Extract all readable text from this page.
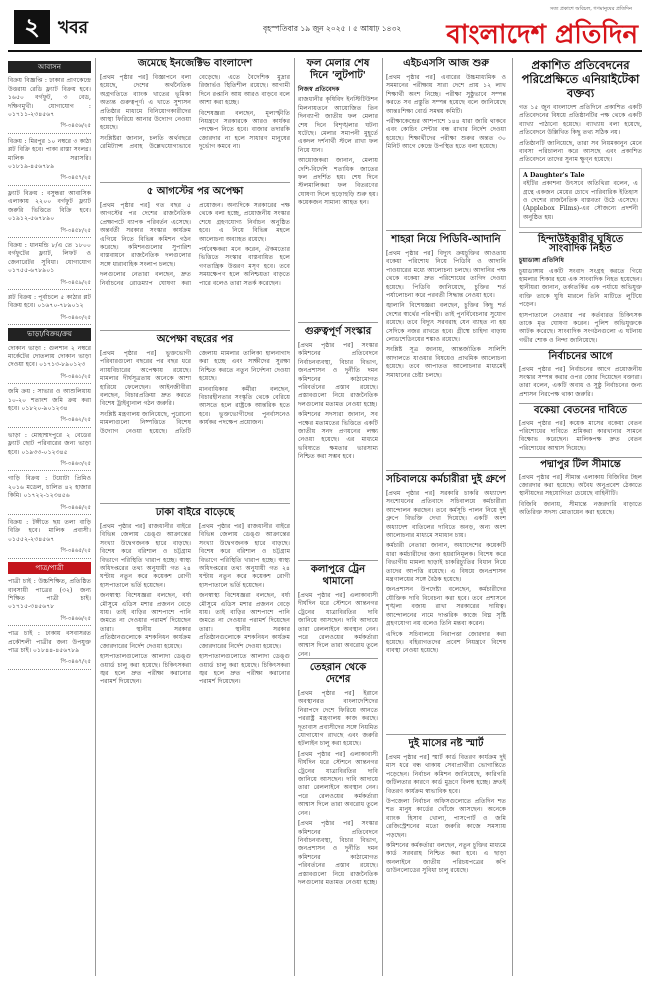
২	খবর	বৃহস্পতিবার ১৯ জুন ২০২৫ । ৫ আষাঢ় ১৪৩২
সত্য প্রকাশে অবিচল, গণমানুষের প্রতিদিন
বাংলাদেশ প্রতিদিন
আবাসন

বিক্রয় বিজ্ঞপ্তি : ঢাকার প্রাণকেন্দ্রে উত্তরায় রেডি ফ্ল্যাট বিক্রয় হবে। ১৬৫০ বর্গফুট, ৩ বেড, দক্ষিণমুখী। যোগাযোগ : ০১৭১১-২৩৪৫৬৭

পি-৩৪৫৬/২৫

বিক্রয় : মিরপুর ১০ নম্বরে ৩ কাঠা প্লট বিক্রি হবে। পাকা রাস্তা সংলগ্ন। মালিক সরাসরি। ০১৮১৯-৪৫৬৭৮৯

পি-৩৪৫৭/২৫

ফ্ল্যাট বিক্রয় : বসুন্ধরা আবাসিক এলাকায় ২২০০ বর্গফুট ফ্ল্যাট জরুরি ভিত্তিতে বিক্রি হবে। ০১৯১২-৫৬৭৮৯০

পি-৩৪৫৮/২৫

বিক্রয় : ধানমন্ডি ৮/এ তে ১৮০০ বর্গফুটের ফ্ল্যাট, লিফট ও জেনারেটর সুবিধা। যোগাযোগ ০১৭৫৫-৬৭৮৯০১

পি-৩৪৫৯/২৫

প্লট বিক্রয় : পূর্বাচলে ৫ কাঠার প্লট বিক্রয় হবে। ০১৬৭০-৭৮৯০১২

পি-৩৪৬০/২৫
ভাড়া/বিক্রয়/ক্রয়

দোকান ভাড়া : গুলশান ২ নম্বরে মার্কেটের দোতলায় দোকান ভাড়া দেওয়া হবে। ০১৭১৩-৮৯০১২৩

পি-৩৪৬১/২৫

জমি ক্রয় : সাভার ও আশুলিয়ায় ১০-২০ শতাংশ জমি ক্রয় করা হবে। ০১৮২০-৯০১২৩৪

পি-৩৪৬২/২৫

ভাড়া : মোহাম্মদপুরে ২ বেডের ফ্ল্যাট ছোট পরিবারের জন্য ভাড়া হবে। ০১৯৩৩-০১২৩৪৫

পি-৩৪৬৩/২৫

গাড়ি বিক্রয় : টয়োটা প্রিমিও ২০১৬ মডেল, চালিত ৪২ হাজার কিমি। ০১৭২২-১২৩৪৫৬

পি-৩৪৬৪/২৫

বিক্রয় : টঙ্গীতে ছয় তলা বাড়ি বিক্রি হবে। মালিক প্রবাসী। ০১৫৫২-২৩৪৫৬৭

পি-৩৪৬৫/২৫
পাত্র/পাত্রী

পাত্রী চাই : উচ্চশিক্ষিত, প্রতিষ্ঠিত ব্যবসায়ী পাত্রের (৩২) জন্য শিক্ষিত পাত্রী চাই। ০১৭১৫-৩৪৫৬৭৮

পি-৩৪৬৬/২৫

পাত্র চাই : ঢাকায় বসবাসরত প্রকৌশলী পাত্রীর জন্য উপযুক্ত পাত্র চাই। ০১৮৪৪-৪৫৬৭৮৯

পি-৩৪৬৭/২৫
জমেছে ইনজেক্টিভ বাংলাদেশ

[প্রথম পৃষ্ঠার পর] বিজ্ঞাপনে বলা হয়েছে, দেশের অর্থনৈতিক অগ্রগতিতে ব্যাংক খাতের ভূমিকা অত্যন্ত গুরুত্বপূর্ণ। এ খাতে সুশাসন প্রতিষ্ঠার মাধ্যমে বিনিয়োগকারীদের আস্থা ফিরিয়ে আনার উদ্যোগ নেওয়া হয়েছে।

সংশ্লিষ্টরা জানান, চলতি অর্থবছরে রেমিট্যান্স প্রবাহ উল্লেখযোগ্যভাবে বেড়েছে। এতে বৈদেশিক মুদ্রার রিজার্ভও স্থিতিশীল রয়েছে। আগামী দিনে রপ্তানি আয় আরও বাড়বে বলে আশা করা হচ্ছে।

বিশেষজ্ঞরা বলছেন, মূল্যস্ফীতি নিয়ন্ত্রণে সরকারকে আরও কার্যকর পদক্ষেপ নিতে হবে। বাজার তদারকি জোরদার না হলে সাধারণ মানুষের দুর্ভোগ কমবে না।

৫ আগস্টের পর অপেক্ষা

[প্রথম পৃষ্ঠার পর] গত বছর ৫ আগস্টের পর দেশের রাজনৈতিক প্রেক্ষাপটে ব্যাপক পরিবর্তন এসেছে। অন্তর্বর্তী সরকার সংস্কার কার্যক্রম এগিয়ে নিতে বিভিন্ন কমিশন গঠন করেছে। কমিশনগুলোর সুপারিশ বাস্তবায়নে রাজনৈতিক দলগুলোর সঙ্গে ধারাবাহিক সংলাপ চলছে।

দলগুলোর নেতারা বলছেন, দ্রুত নির্বাচনের রোডম্যাপ ঘোষণা করা প্রয়োজন। অন্যদিকে সরকারের পক্ষ থেকে বলা হচ্ছে, প্রয়োজনীয় সংস্কার শেষে গ্রহণযোগ্য নির্বাচন অনুষ্ঠিত হবে। এ নিয়ে বিভিন্ন মহলে আলোচনা অব্যাহত রয়েছে।

পর্যবেক্ষকরা মনে করেন, ঐকমত্যের ভিত্তিতে সংস্কার বাস্তবায়িত হলে গণতান্ত্রিক উত্তরণ মসৃণ হবে। তবে সময়ক্ষেপণ হলে অনিশ্চয়তা বাড়তে পারে বলেও তারা সতর্ক করেছেন।

অপেক্ষা বছরের পর

[প্রথম পৃষ্ঠার পর] ভুক্তভোগী পরিবারগুলো বছরের পর বছর ধরে ন্যায়বিচারের অপেক্ষায় রয়েছে। মামলার দীর্ঘসূত্রতায় অনেকে আশা হারিয়ে ফেলেছেন। আইনজীবীরা বলছেন, বিচারপ্রক্রিয়া দ্রুত করতে বিশেষ ট্রাইব্যুনাল গঠন জরুরি।

সংশ্লিষ্ট মন্ত্রণালয় জানিয়েছে, পুরোনো মামলাগুলো নিষ্পত্তিতে বিশেষ উদ্যোগ নেওয়া হয়েছে। প্রতিটি জেলায় মামলার তালিকা হালনাগাদ করা হচ্ছে এবং সাক্ষীদের সুরক্ষা নিশ্চিত করতে নতুন নির্দেশনা দেওয়া হয়েছে।

মানবাধিকার কর্মীরা বলছেন, বিচারহীনতার সংস্কৃতি থেকে বেরিয়ে আসতে হলে রাষ্ট্রকে আন্তরিক হতে হবে। ভুক্তভোগীদের পুনর্বাসনেও কার্যকর পদক্ষেপ প্রয়োজন।

ঢাকা বাইরে বাড়েছে

[প্রথম পৃষ্ঠার পর] রাজধানীর বাইরে বিভিন্ন জেলায় ডেঙ্গু আক্রান্তের সংখ্যা উদ্বেগজনক হারে বাড়ছে। বিশেষ করে বরিশাল ও চট্টগ্রাম বিভাগে পরিস্থিতি খারাপ হচ্ছে। স্বাস্থ্য অধিদপ্তরের তথ্য অনুযায়ী গত ২৪ ঘণ্টায় নতুন করে কয়েকশ রোগী হাসপাতালে ভর্তি হয়েছেন।

জনস্বাস্থ্য বিশেষজ্ঞরা বলছেন, বর্ষা মৌসুমে এডিস মশার প্রজনন বেড়ে যায়। তাই বাড়ির আশপাশে পানি জমতে না দেওয়ার পরামর্শ দিয়েছেন তারা। স্থানীয় সরকার প্রতিষ্ঠানগুলোকে মশকনিধন কার্যক্রম জোরদারের নির্দেশ দেওয়া হয়েছে।

হাসপাতালগুলোতে আলাদা ডেঙ্গু ওয়ার্ড চালু করা হয়েছে। চিকিৎসকরা জ্বর হলে দ্রুত পরীক্ষা করানোর পরামর্শ দিয়েছেন।

[প্রথম পৃষ্ঠার পর] রাজধানীর বাইরে বিভিন্ন জেলায় ডেঙ্গু আক্রান্তের সংখ্যা উদ্বেগজনক হারে বাড়ছে। বিশেষ করে বরিশাল ও চট্টগ্রাম বিভাগে পরিস্থিতি খারাপ হচ্ছে। স্বাস্থ্য অধিদপ্তরের তথ্য অনুযায়ী গত ২৪ ঘণ্টায় নতুন করে কয়েকশ রোগী হাসপাতালে ভর্তি হয়েছেন।

জনস্বাস্থ্য বিশেষজ্ঞরা বলছেন, বর্ষা মৌসুমে এডিস মশার প্রজনন বেড়ে যায়। তাই বাড়ির আশপাশে পানি জমতে না দেওয়ার পরামর্শ দিয়েছেন তারা। স্থানীয় সরকার প্রতিষ্ঠানগুলোকে মশকনিধন কার্যক্রম জোরদারের নির্দেশ দেওয়া হয়েছে।

হাসপাতালগুলোতে আলাদা ডেঙ্গু ওয়ার্ড চালু করা হয়েছে। চিকিৎসকরা জ্বর হলে দ্রুত পরীক্ষা করানোর পরামর্শ দিয়েছেন।

ফল মেলার শেষ দিনে 'লুটপাট'
নিজস্ব প্রতিবেদক

রাজধানীর কৃষিবিদ ইনস্টিটিউশন মিলনায়তনে আয়োজিত তিন দিনব্যাপী জাতীয় ফল মেলার শেষ দিনে বিশৃঙ্খলার ঘটনা ঘটেছে। মেলার সমাপনী মুহূর্তে একদল দর্শনার্থী স্টলে রাখা ফল নিয়ে যান।

আয়োজকরা জানান, মেলায় দেশি-বিদেশি শতাধিক জাতের ফল প্রদর্শিত হয়। শেষ দিনে স্টলমালিকরা ফল বিতরণের ঘোষণা দিলে হুড়োহুড়ি শুরু হয়। কয়েকজন সামান্য আহত হন।

গুরুত্বপূর্ণ সংস্কার

[প্রথম পৃষ্ঠার পর] সংস্কার কমিশনের প্রতিবেদনে নির্বাচনব্যবস্থা, বিচার বিভাগ, জনপ্রশাসন ও দুর্নীতি দমন কমিশনের কাঠামোগত পরিবর্তনের প্রস্তাব রয়েছে। প্রস্তাবগুলো নিয়ে রাজনৈতিক দলগুলোর মতামত নেওয়া হচ্ছে।

কমিশনের সদস্যরা জানান, সব পক্ষের মতামতের ভিত্তিতে একটি জাতীয় সনদ প্রণয়নের লক্ষ্য নেওয়া হয়েছে। এর মাধ্যমে ভবিষ্যতে ক্ষমতার ভারসাম্য নিশ্চিত করা সম্ভব হবে।

কলাপুরে ট্রেন থামানো

[প্রথম পৃষ্ঠার পর] এলাকাবাসী দীর্ঘদিন ধরে স্টেশনে আন্তনগর ট্রেনের যাত্রাবিরতির দাবি জানিয়ে আসছেন। দাবি আদায়ে তারা রেললাইনে অবস্থান নেন। পরে রেলওয়ের কর্মকর্তারা আশ্বাস দিলে তারা অবরোধ তুলে নেন।

তেহরান থেকে দেশের

[প্রথম পৃষ্ঠার পর] ইরানে অবস্থানরত বাংলাদেশিদের নিরাপদে দেশে ফিরিয়ে আনতে পররাষ্ট্র মন্ত্রণালয় কাজ করছে। দূতাবাস প্রবাসীদের সঙ্গে নিয়মিত যোগাযোগ রাখছে এবং জরুরি হটলাইন চালু করা হয়েছে।

[প্রথম পৃষ্ঠার পর] এলাকাবাসী দীর্ঘদিন ধরে স্টেশনে আন্তনগর ট্রেনের যাত্রাবিরতির দাবি জানিয়ে আসছেন। দাবি আদায়ে তারা রেললাইনে অবস্থান নেন। পরে রেলওয়ের কর্মকর্তারা আশ্বাস দিলে তারা অবরোধ তুলে নেন।

[প্রথম পৃষ্ঠার পর] সংস্কার কমিশনের প্রতিবেদনে নির্বাচনব্যবস্থা, বিচার বিভাগ, জনপ্রশাসন ও দুর্নীতি দমন কমিশনের কাঠামোগত পরিবর্তনের প্রস্তাব রয়েছে। প্রস্তাবগুলো নিয়ে রাজনৈতিক দলগুলোর মতামত নেওয়া হচ্ছে।

এইচএসসি আজ শুরু

[প্রথম পৃষ্ঠার পর] এবারের উচ্চমাধ্যমিক ও সমমানের পরীক্ষায় সারা দেশে প্রায় ১২ লাখ শিক্ষার্থী অংশ নিচ্ছে। পরীক্ষা সুষ্ঠুভাবে সম্পন্ন করতে সব প্রস্তুতি সম্পন্ন হয়েছে বলে জানিয়েছে আন্তঃশিক্ষা বোর্ড সমন্বয় কমিটি।

পরীক্ষাকেন্দ্রের আশপাশে ১৪৪ ধারা জারি থাকবে এবং কোচিং সেন্টার বন্ধ রাখার নির্দেশ দেওয়া হয়েছে। শিক্ষার্থীদের পরীক্ষা শুরুর অন্তত ৩০ মিনিট আগে কেন্দ্রে উপস্থিত হতে বলা হয়েছে।

শাহরা নিয়ে পিডিবি-আদানি

[প্রথম পৃষ্ঠার পর] বিদ্যুৎ ক্রয়চুক্তির আওতায় বকেয়া পরিশোধ নিয়ে পিডিবি ও আদানি পাওয়ারের মধ্যে আলোচনা চলছে। আদানির পক্ষ থেকে বকেয়া দ্রুত পরিশোধের তাগিদ দেওয়া হয়েছে। পিডিবি জানিয়েছে, চুক্তির শর্ত পর্যালোচনা করে পরবর্তী সিদ্ধান্ত নেওয়া হবে।

জ্বালানি বিশেষজ্ঞরা বলছেন, চুক্তির কিছু শর্ত দেশের স্বার্থের পরিপন্থী। তাই পুনর্বিবেচনার সুযোগ রয়েছে। তবে বিদ্যুৎ সরবরাহ যেন ব্যাহত না হয় সেদিকে নজর রাখতে হবে। গ্রীষ্মে চাহিদা বাড়ায় লোডশেডিংয়ের শঙ্কাও রয়েছে।

সংশ্লিষ্ট সূত্র জানায়, আন্তর্জাতিক সালিশি আদালতে যাওয়ার বিষয়েও প্রাথমিক আলোচনা হয়েছে। তবে আপাতত আলোচনার মাধ্যমেই সমাধানের চেষ্টা চলছে।

সচিবালয়ে কর্মচারীরা দুই গ্রুপে

[প্রথম পৃষ্ঠার পর] সরকারি চাকরি অধ্যাদেশ সংশোধনের প্রতিবাদে সচিবালয়ে কর্মচারীরা আন্দোলন করছেন। তবে কর্মসূচি পালন নিয়ে দুই গ্রুপে বিভক্তি দেখা দিয়েছে। একটি অংশ অধ্যাদেশ বাতিলের দাবিতে অনড়, অন্য অংশ আলোচনার মাধ্যমে সমাধান চায়।

কর্মচারী নেতারা জানান, অধ্যাদেশের কয়েকটি ধারা কর্মচারীদের জন্য হয়রানিমূলক। বিশেষ করে বিভাগীয় মামলা ছাড়াই চাকরিচ্যুতির বিধান নিয়ে তাদের আপত্তি রয়েছে। এ বিষয়ে জনপ্রশাসন মন্ত্রণালয়ের সঙ্গে বৈঠক হয়েছে।

জনপ্রশাসন উপদেষ্টা বলেছেন, কর্মচারীদের যৌক্তিক দাবি বিবেচনা করা হবে। তবে প্রশাসনে শৃঙ্খলা বজায় রাখা সরকারের দায়িত্ব। আন্দোলনের নামে দাপ্তরিক কাজে বিঘ্ন সৃষ্টি গ্রহণযোগ্য নয় বলেও তিনি মন্তব্য করেন।

এদিকে সচিবালয়ে নিরাপত্তা জোরদার করা হয়েছে। বহিরাগতদের প্রবেশ নিয়ন্ত্রণে বিশেষ ব্যবস্থা নেওয়া হয়েছে।

দুই মাসের নষ্ট স্মার্ট

[প্রথম পৃষ্ঠার পর] স্মার্ট কার্ড বিতরণ কার্যক্রম দুই মাস ধরে বন্ধ থাকায় সেবাপ্রার্থীরা ভোগান্তিতে পড়েছেন। নির্বাচন কমিশন জানিয়েছে, কারিগরি জটিলতার কারণে কার্ড মুদ্রণে বিলম্ব হচ্ছে। দ্রুতই বিতরণ কার্যক্রম স্বাভাবিক হবে।

উপজেলা নির্বাচন অফিসগুলোতে প্রতিদিন শত শত মানুষ কার্ডের খোঁজে আসছেন। অনেকে ব্যাংক হিসাব খোলা, পাসপোর্ট ও জমি রেজিস্ট্রেশনের মতো জরুরি কাজে সমস্যায় পড়ছেন।

কমিশনের কর্মকর্তারা বলছেন, নতুন চুক্তির মাধ্যমে কার্ড সরবরাহ নিশ্চিত করা হবে। এ ছাড়া অনলাইনে জাতীয় পরিচয়পত্রের কপি ডাউনলোডের সুবিধা চালু রয়েছে।

প্রকাশিত প্রতিবেদনের পরিপ্রেক্ষিতে এনিয়াইটেকা বক্তব্য

গত ১৫ জুন বাংলাদেশ প্রতিদিনে প্রকাশিত একটি প্রতিবেদনের বিষয়ে প্রতিষ্ঠানটির পক্ষ থেকে একটি ব্যাখ্যা পাঠানো হয়েছে। ব্যাখ্যায় বলা হয়েছে, প্রতিবেদনে উল্লিখিত কিছু তথ্য সঠিক নয়।

প্রতিষ্ঠানটি জানিয়েছে, তারা সব নিয়মকানুন মেনে ব্যবসা পরিচালনা করে আসছে এবং প্রকাশিত প্রতিবেদনে তাদের সুনাম ক্ষুণ্ন হয়েছে।

A Daughter's Tale

বইটির প্রকাশনা উৎসবে অতিথিরা বলেন, এ গ্রন্থে একজন মেয়ের চোখে পারিবারিক ইতিহাস ও দেশের রাজনৈতিক বাস্তবতা উঠে এসেছে। (Applebox Films)-এর সৌজন্যে প্রদর্শনী অনুষ্ঠিত হয়।

হিন্দাউইকারীর ঘুষিতে সাংবাদিক নিহত
চুয়াডাঙ্গা প্রতিনিধি

চুয়াডাঙ্গায় একটি সংবাদ সংগ্রহ করতে গিয়ে হামলার শিকার হয়ে এক সাংবাদিক নিহত হয়েছেন। স্থানীয়রা জানান, তর্কাতর্কির এক পর্যায়ে অভিযুক্ত ব্যক্তি তাকে ঘুষি মারলে তিনি মাটিতে লুটিয়ে পড়েন।

হাসপাতালে নেওয়ার পর কর্তব্যরত চিকিৎসক তাকে মৃত ঘোষণা করেন। পুলিশ অভিযুক্তকে আটক করেছে। সাংবাদিক সংগঠনগুলো এ ঘটনায় গভীর শোক ও নিন্দা জানিয়েছে।

নির্বাচনের আগে

[প্রথম পৃষ্ঠার পর] নির্বাচনের আগে প্রয়োজনীয় সংস্কার সম্পন্ন করার ওপর জোর দিয়েছেন বক্তারা। তারা বলেন, একটি অবাধ ও সুষ্ঠু নির্বাচনের জন্য প্রশাসন নিরপেক্ষ থাকা জরুরি।

বকেয়া বেতনের দাবিতে

[প্রথম পৃষ্ঠার পর] কয়েক মাসের বকেয়া বেতন পরিশোধের দাবিতে শ্রমিকরা কারখানার সামনে বিক্ষোভ করেছেন। মালিকপক্ষ দ্রুত বেতন পরিশোধের আশ্বাস দিয়েছে।

পদ্মাপুর টিল সীমান্তে

[প্রথম পৃষ্ঠার পর] সীমান্ত এলাকায় বিজিবির টহল জোরদার করা হয়েছে। অবৈধ অনুপ্রবেশ ঠেকাতে স্থানীয়দের সহযোগিতা চেয়েছে বাহিনীটি।

বিজিবি জানায়, সীমান্তে নজরদারি বাড়াতে অতিরিক্ত সদস্য মোতায়েন করা হয়েছে।
